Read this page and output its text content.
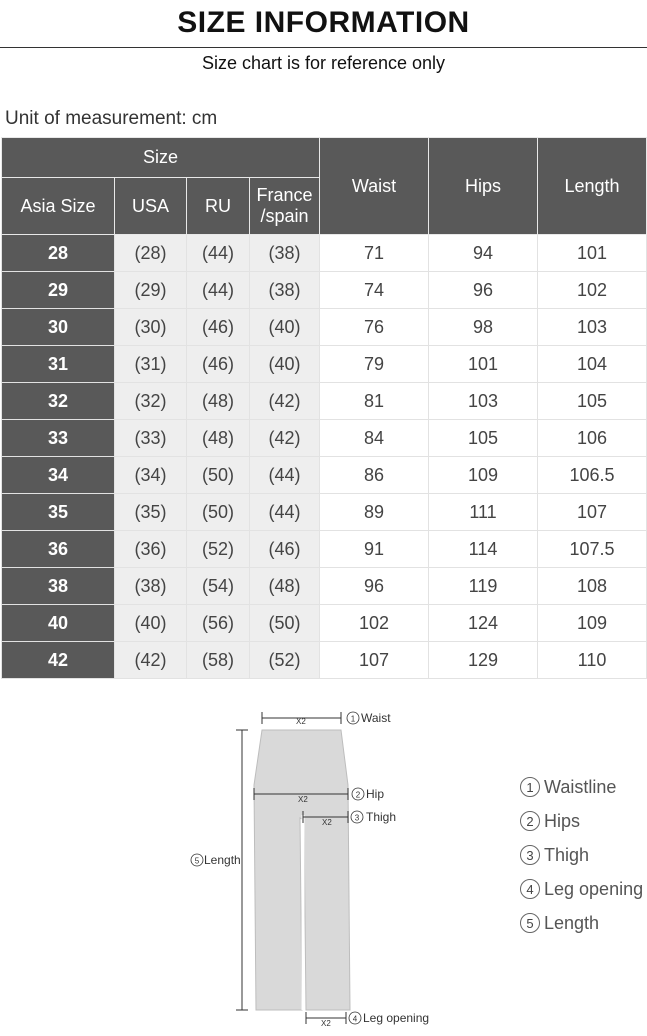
SIZE INFORMATION
Size chart is for reference only
Unit of measurement: cm
Size				Waist	Hips	Length
Asia Size	USA	RU	France
/spain			
28	(28)	(44)	(38)	71	94	101
29	(29)	(44)	(38)	74	96	102
30	(30)	(46)	(40)	76	98	103
31	(31)	(46)	(40)	79	101	104
32	(32)	(48)	(42)	81	103	105
33	(33)	(48)	(42)	84	105	106
34	(34)	(50)	(44)	86	109	106.5
35	(35)	(50)	(44)	89	111	107
36	(36)	(52)	(46)	91	114	107.5
38	(38)	(54)	(48)	96	119	108
40	(40)	(56)	(50)	102	124	109
42	(42)	(58)	(52)	107	129	110
X2	1 Waist
X2	2 Hip
X2	3 Thigh
5 Length
X2	4 Leg opening
1 Waistline
2 Hips
3 Thigh
4 Leg opening
5 Length
